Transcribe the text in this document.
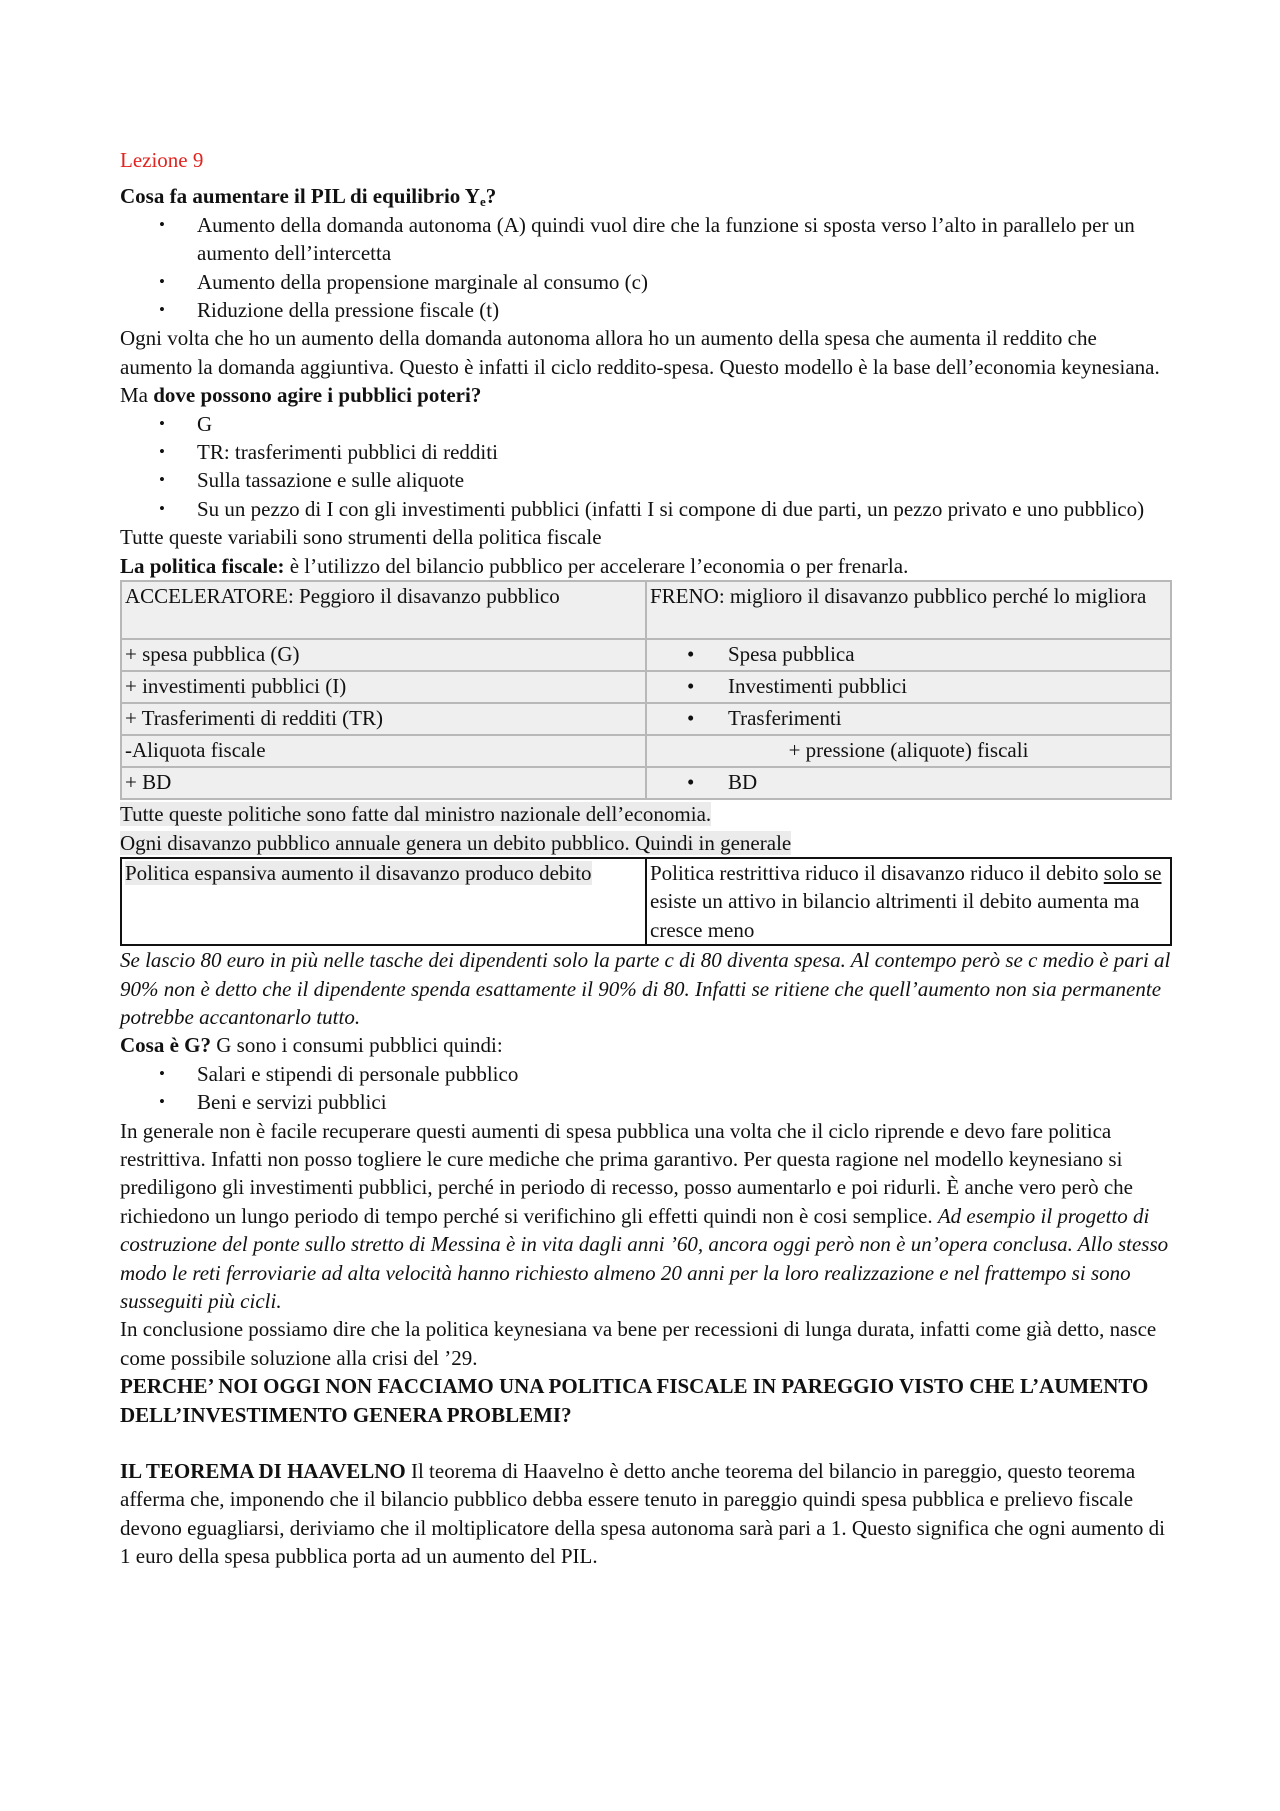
Lezione 9

Cosa fa aumentare il PIL di equilibrio $Y_e$?

• Aumento della domanda autonoma (A) quindi vuol dire che la funzione si sposta verso l’alto in parallelo per un aumento dell’intercetta
• Aumento della propensione marginale al consumo (c)
• Riduzione della pressione fiscale (t)

Ogni volta che ho un aumento della domanda autonoma allora ho un aumento della spesa che aumenta il reddito che aumento la domanda aggiuntiva. Questo è infatti il ciclo reddito-spesa. Questo modello è la base dell’economia keynesiana.

Ma dove possono agire i pubblici poteri?

• G
• TR: trasferimenti pubblici di redditi
• Sulla tassazione e sulle aliquote
• Su un pezzo di I con gli investimenti pubblici (infatti I si compone di due parti, un pezzo privato e uno pubblico)

Tutte queste variabili sono strumenti della politica fiscale

La politica fiscale: è l’utilizzo del bilancio pubblico per accelerare l’economia o per frenarla.

ACCELERATORE: Peggioro il disavanzo pubblico	FRENO: miglioro il disavanzo pubblico perché lo migliora
+ spesa pubblica (G)	• Spesa pubblica
+ investimenti pubblici (I)	• Investimenti pubblici
+ Trasferimenti di redditi (TR)	• Trasferimenti
-Aliquota fiscale	+ pressione (aliquote) fiscali
+ BD	• BD

Tutte queste politiche sono fatte dal ministro nazionale dell’economia.

Ogni disavanzo pubblico annuale genera un debito pubblico. Quindi in generale

Politica espansiva aumento il disavanzo produco debito	Politica restrittiva riduco il disavanzo riduco il debito solo se esiste un attivo in bilancio altrimenti il debito aumenta ma cresce meno

Se lascio 80 euro in più nelle tasche dei dipendenti solo la parte c di 80 diventa spesa. Al contempo però se c medio è pari al 90% non è detto che il dipendente spenda esattamente il 90% di 80. Infatti se ritiene che quell’aumento non sia permanente potrebbe accantonarlo tutto.

Cosa è G? G sono i consumi pubblici quindi:

• Salari e stipendi di personale pubblico
• Beni e servizi pubblici

In generale non è facile recuperare questi aumenti di spesa pubblica una volta che il ciclo riprende e devo fare politica restrittiva. Infatti non posso togliere le cure mediche che prima garantivo. Per questa ragione nel modello keynesiano si prediligono gli investimenti pubblici, perché in periodo di recesso, posso aumentarlo e poi ridurli. È anche vero però che richiedono un lungo periodo di tempo perché si verifichino gli effetti quindi non è cosi semplice. Ad esempio il progetto di costruzione del ponte sullo stretto di Messina è in vita dagli anni ’60, ancora oggi però non è un’opera conclusa. Allo stesso modo le reti ferroviarie ad alta velocità hanno richiesto almeno 20 anni per la loro realizzazione e nel frattempo si sono susseguiti più cicli.

In conclusione possiamo dire che la politica keynesiana va bene per recessioni di lunga durata, infatti come già detto, nasce come possibile soluzione alla crisi del ’29.

PERCHE’ NOI OGGI NON FACCIAMO UNA POLITICA FISCALE IN PAREGGIO VISTO CHE L’AUMENTO DELL’INVESTIMENTO GENERA PROBLEMI?

IL TEOREMA DI HAAVELNO Il teorema di Haavelno è detto anche teorema del bilancio in pareggio, questo teorema afferma che, imponendo che il bilancio pubblico debba essere tenuto in pareggio quindi spesa pubblica e prelievo fiscale devono eguagliarsi, deriviamo che il moltiplicatore della spesa autonoma sarà pari a 1. Questo significa che ogni aumento di 1 euro della spesa pubblica porta ad un aumento del PIL.
